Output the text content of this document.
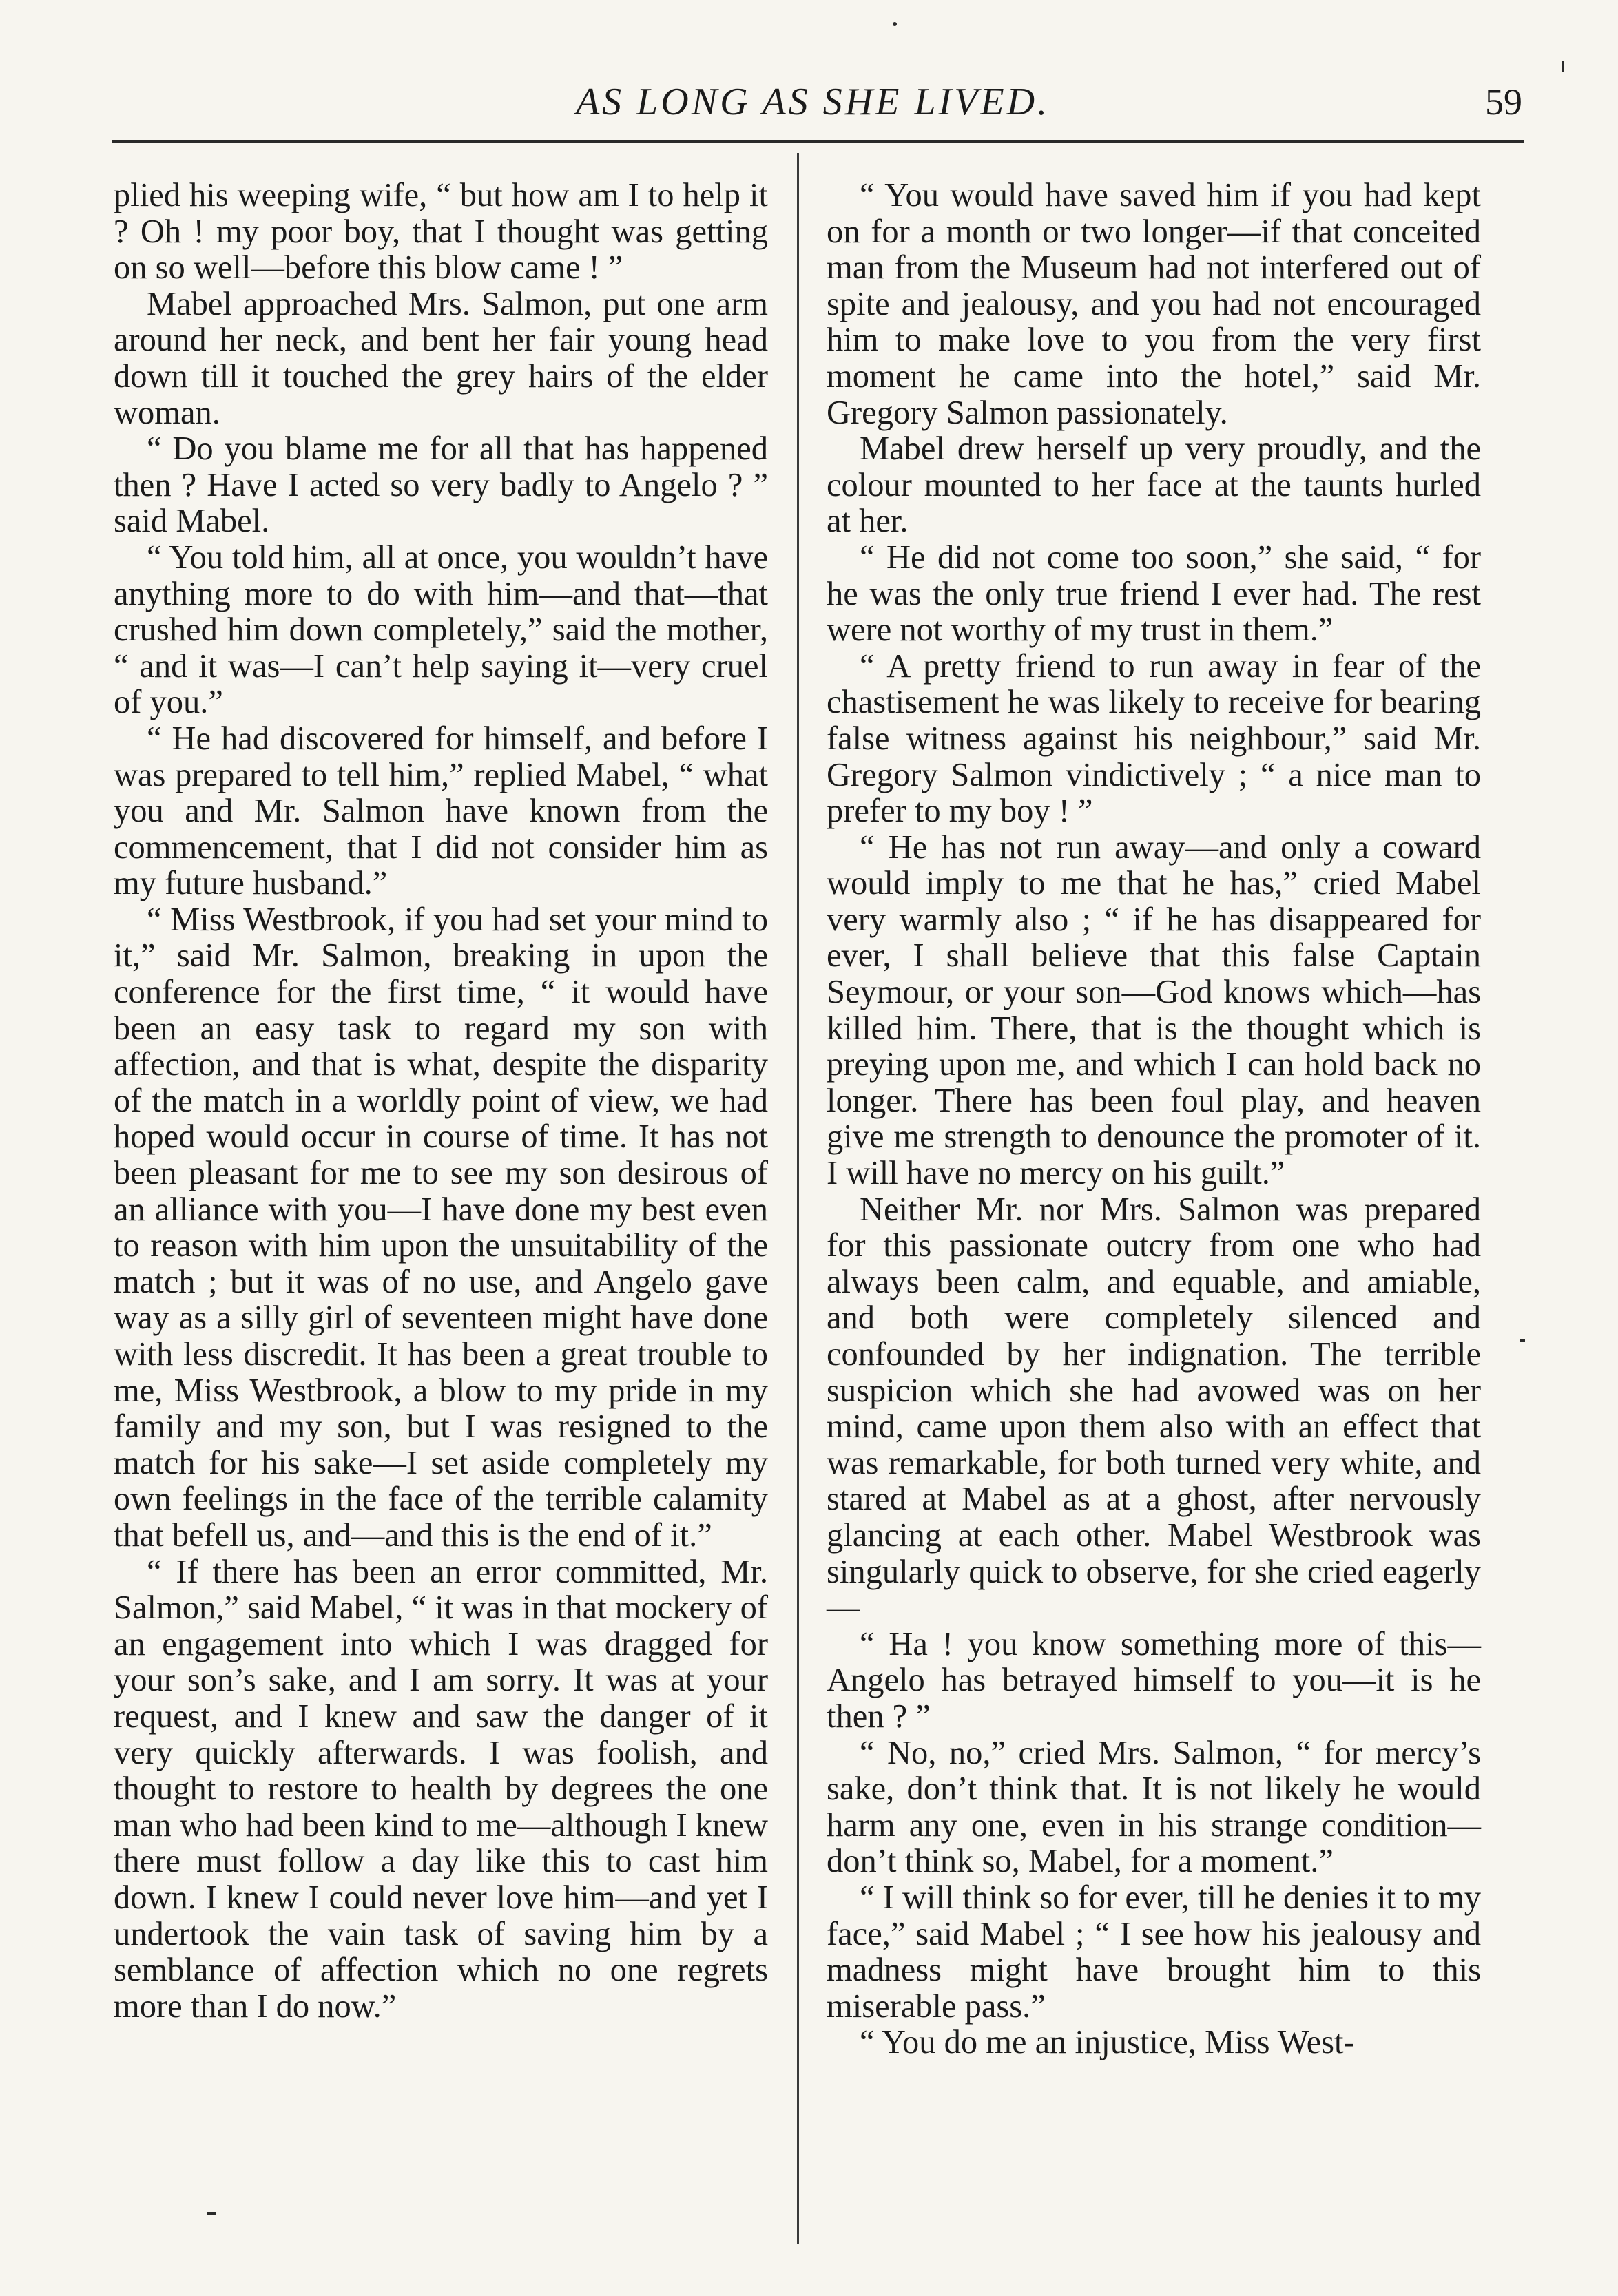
AS LONG AS SHE LIVED.	59

plied his weeping wife, “ but how am I to help it ? Oh ! my poor boy, that I thought was getting on so well—before this blow came ! ”

Mabel approached Mrs. Salmon, put one arm around her neck, and bent her fair young head down till it touched the grey hairs of the elder woman.

“ Do you blame me for all that has happened then ? Have I acted so very badly to Angelo ? ” said Mabel.

“ You told him, all at once, you wouldn’t have anything more to do with him—and that—that crushed him down completely,” said the mother, “ and it was—I can’t help saying it—very cruel of you.”

“ He had discovered for himself, and before I was prepared to tell him,” replied Mabel, “ what you and Mr. Salmon have known from the commencement, that I did not consider him as my future husband.”

“ Miss Westbrook, if you had set your mind to it,” said Mr. Salmon, breaking in upon the conference for the first time, “ it would have been an easy task to regard my son with affection, and that is what, despite the disparity of the match in a worldly point of view, we had hoped would occur in course of time. It has not been pleasant for me to see my son desirous of an alliance with you—I have done my best even to reason with him upon the unsuitability of the match ; but it was of no use, and Angelo gave way as a silly girl of seventeen might have done with less discredit. It has been a great trouble to me, Miss Westbrook, a blow to my pride in my family and my son, but I was resigned to the match for his sake—I set aside completely my own feelings in the face of the terrible calamity that befell us, and—and this is the end of it.”

“ If there has been an error committed, Mr. Salmon,” said Mabel, “ it was in that mockery of an engagement into which I was dragged for your son’s sake, and I am sorry. It was at your request, and I knew and saw the danger of it very quickly afterwards. I was foolish, and thought to restore to health by degrees the one man who had been kind to me—although I knew there must follow a day like this to cast him down. I knew I could never love him—and yet I undertook the vain task of saving him by a semblance of affection which no one regrets more than I do now.”

“ You would have saved him if you had kept on for a month or two longer—if that conceited man from the Museum had not interfered out of spite and jealousy, and you had not encouraged him to make love to you from the very first moment he came into the hotel,” said Mr. Gregory Salmon passionately.

Mabel drew herself up very proudly, and the colour mounted to her face at the taunts hurled at her.

“ He did not come too soon,” she said, “ for he was the only true friend I ever had. The rest were not worthy of my trust in them.”

“ A pretty friend to run away in fear of the chastisement he was likely to receive for bearing false witness against his neighbour,” said Mr. Gregory Salmon vindictively ; “ a nice man to prefer to my boy ! ”

“ He has not run away—and only a coward would imply to me that he has,” cried Mabel very warmly also ; “ if he has disappeared for ever, I shall believe that this false Captain Seymour, or your son—God knows which—has killed him. There, that is the thought which is preying upon me, and which I can hold back no longer. There has been foul play, and heaven give me strength to denounce the promoter of it. I will have no mercy on his guilt.”

Neither Mr. nor Mrs. Salmon was prepared for this passionate outcry from one who had always been calm, and equable, and amiable, and both were completely silenced and confounded by her indignation. The terrible suspicion which she had avowed was on her mind, came upon them also with an effect that was remarkable, for both turned very white, and stared at Mabel as at a ghost, after nervously glancing at each other. Mabel Westbrook was singularly quick to observe, for she cried eagerly—

“ Ha ! you know something more of this—Angelo has betrayed himself to you—it is he then ? ”

“ No, no,” cried Mrs. Salmon, “ for mercy’s sake, don’t think that. It is not likely he would harm any one, even in his strange condition—don’t think so, Mabel, for a moment.”

“ I will think so for ever, till he denies it to my face,” said Mabel ; “ I see how his jealousy and madness might have brought him to this miserable pass.”

“ You do me an injustice, Miss West-
